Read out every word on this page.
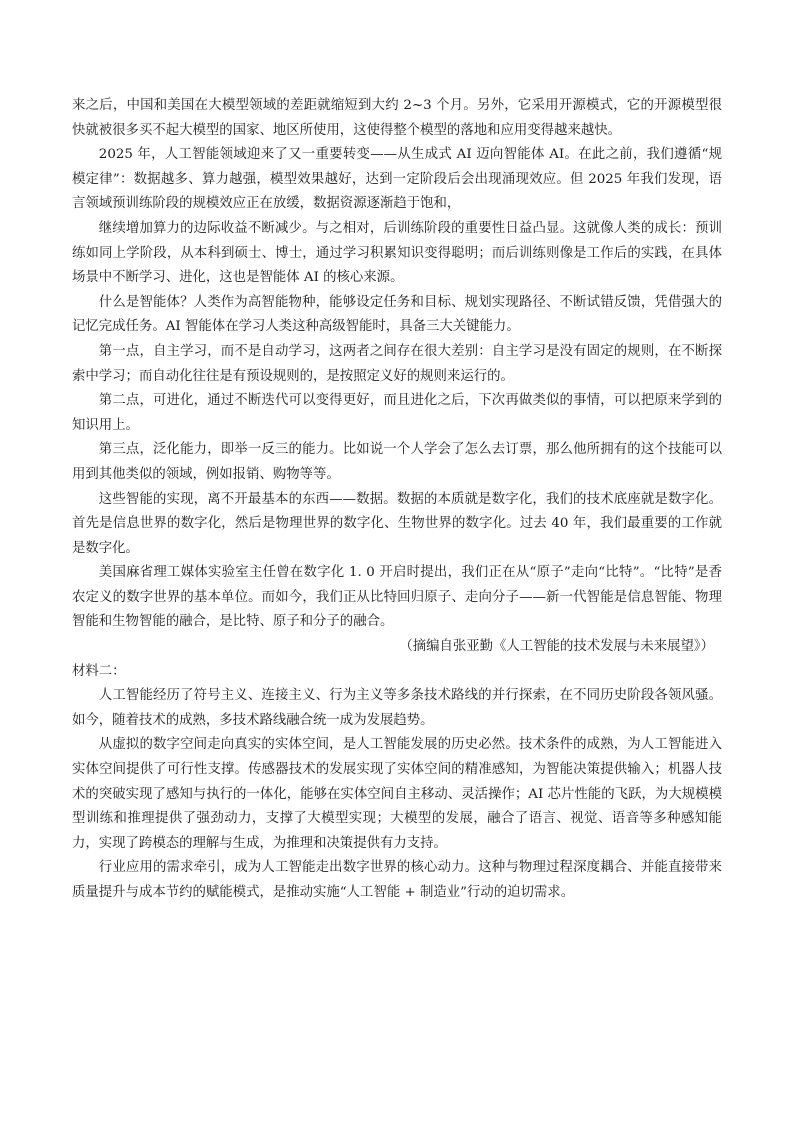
来之后，中国和美国在大模型领域的差距就缩短到大约 2~3 个月。另外，它采用开源模式，它的开源模型很快就被很多买不起大模型的国家、地区所使用，这使得整个模型的落地和应用变得越来越快。

2025 年，人工智能领域迎来了又一重要转变——从生成式 AI 迈向智能体 AI。在此之前，我们遵循“规模定律”：数据越多、算力越强，模型效果越好，达到一定阶段后会出现涌现效应。但 2025 年我们发现，语言领域预训练阶段的规模效应正在放缓，数据资源逐渐趋于饱和，

继续增加算力的边际收益不断减少。与之相对，后训练阶段的重要性日益凸显。这就像人类的成长：预训练如同上学阶段，从本科到硕士、博士，通过学习积累知识变得聪明；而后训练则像是工作后的实践，在具体场景中不断学习、进化，这也是智能体 AI 的核心来源。

什么是智能体？人类作为高智能物种，能够设定任务和目标、规划实现路径、不断试错反馈，凭借强大的记忆完成任务。AI 智能体在学习人类这种高级智能时，具备三大关键能力。

第一点，自主学习，而不是自动学习，这两者之间存在很大差别：自主学习是没有固定的规则，在不断探索中学习；而自动化往往是有预设规则的，是按照定义好的规则来运行的。

第二点，可进化，通过不断迭代可以变得更好，而且进化之后，下次再做类似的事情，可以把原来学到的知识用上。

第三点，泛化能力，即举一反三的能力。比如说一个人学会了怎么去订票，那么他所拥有的这个技能可以用到其他类似的领域，例如报销、购物等等。

这些智能的实现，离不开最基本的东西——数据。数据的本质就是数字化，我们的技术底座就是数字化。首先是信息世界的数字化，然后是物理世界的数字化、生物世界的数字化。过去 40 年，我们最重要的工作就是数字化。

美国麻省理工媒体实验室主任曾在数字化 1. 0 开启时提出，我们正在从“原子”走向“比特”。“比特”是香农定义的数字世界的基本单位。而如今，我们正从比特回归原子、走向分子——新一代智能是信息智能、物理智能和生物智能的融合，是比特、原子和分子的融合。

（摘编自张亚勤《人工智能的技术发展与未来展望》）

材料二：

人工智能经历了符号主义、连接主义、行为主义等多条技术路线的并行探索，在不同历史阶段各领风骚。如今，随着技术的成熟，多技术路线融合统一成为发展趋势。

从虚拟的数字空间走向真实的实体空间，是人工智能发展的历史必然。技术条件的成熟，为人工智能进入实体空间提供了可行性支撑。传感器技术的发展实现了实体空间的精准感知，为智能决策提供输入；机器人技术的突破实现了感知与执行的一体化，能够在实体空间自主移动、灵活操作；AI 芯片性能的飞跃，为大规模模型训练和推理提供了强劲动力，支撑了大模型实现；大模型的发展，融合了语言、视觉、语音等多种感知能力，实现了跨模态的理解与生成，为推理和决策提供有力支持。

行业应用的需求牵引，成为人工智能走出数字世界的核心动力。这种与物理过程深度耦合、并能直接带来质量提升与成本节约的赋能模式，是推动实施“人工智能 + 制造业”行动的迫切需求。
